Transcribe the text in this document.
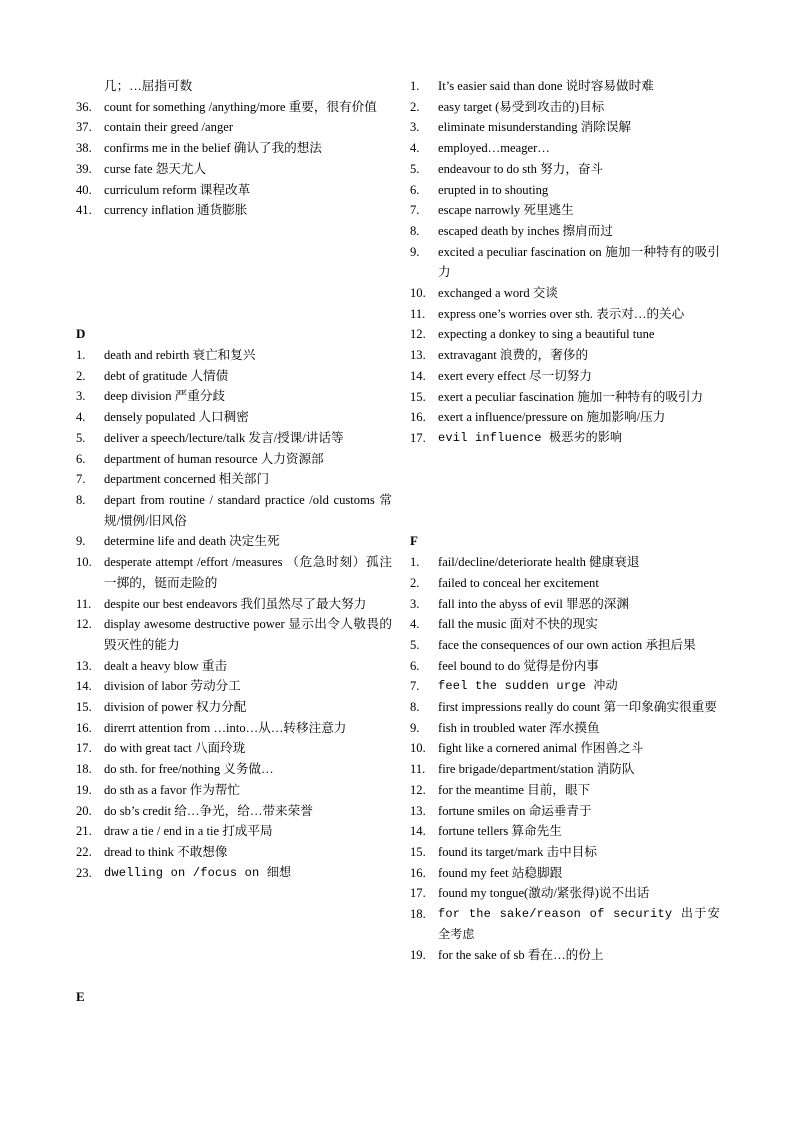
几；…屈指可数
36. count for something /anything/more 重要，很有价值
37. contain their greed /anger
38. confirms me in the belief 确认了我的想法
39. curse fate 怨天尤人
40. curriculum reform 课程改革
41. currency inflation 通货膨胀
D
1.	death and rebirth 衰亡和复兴
2.	debt of gratitude 人情债
3.	deep division 严重分歧
4.	densely populated 人口稠密
5.	deliver a speech/lecture/talk 发言/授课/讲话等
6.	department of human resource 人力资源部
7.	department concerned 相关部门
8.	depart from routine / standard practice /old customs 常规/惯例/旧风俗
9.	determine life and death 决定生死
10. desperate attempt /effort /measures （危急时刻）孤注一掷的，铤而走险的
11.	despite our best endeavors 我们虽然尽了最大努力
12. display awesome destructive power 显示出令人敬畏的毁灭性的能力
13. dealt a heavy blow 重击
14. division of labor 劳动分工
15. division of power 权力分配
16. direrrt attention from …into…从…转移注意力
17. do with great tact 八面玲珑
18. do sth. for free/nothing 义务做…
19. do sth as a favor 作为帮忙
20. do sb’s credit 给…争光，给…带来荣誉
21. draw a tie / end in a tie 打成平局
22. dread to think 不敢想像
23.	dwelling on /focus on 细想
E
1.	It’s easier said than done 说时容易做时难
2.	easy target (易受到攻击的)目标
3.	eliminate misunderstanding 消除误解
4.	employed…meager…
5.	endeavour to do sth 努力，奋斗
6.	erupted in to shouting
7.	escape narrowly 死里逃生
8.	escaped death by inches 擦肩而过
9.	excited a peculiar fascination on 施加一种特有的吸引力
10. exchanged a word 交谈
11.	express one’s worries over sth. 表示对…的关心
12. expecting a donkey to sing a beautiful tune
13. extravagant 浪费的，奢侈的
14. exert every effect 尽一切努力
15. exert a peculiar fascination 施加一种特有的吸引力
16. exert a influence/pressure on 施加影响/压力
17.	evil influence 极恶劣的影响
F
1.	fail/decline/deteriorate health 健康衰退
2.	failed to conceal her excitement
3.	fall into the abyss of evil 罪恶的深渊
4.	fall the music 面对不快的现实
5.	face the consequences of our own action 承担后果
6.	feel bound to do 觉得是份内事
7.	feel the sudden urge 冲动
8.	first impressions really do count 第一印象确实很重要
9.	fish in troubled water 浑水摸鱼
10. fight like a cornered animal 作困兽之斗
11.	fire brigade/department/station 消防队
12. for the meantime 目前，眼下
13. fortune smiles on 命运垂青于
14. fortune tellers 算命先生
15. found its target/mark 击中目标
16. found my feet 站稳脚跟
17. found my tongue(激动/紧张得)说不出话
18.	for the sake/reason of security 出于安全考虑
19. for the sake of sb 看在…的份上
